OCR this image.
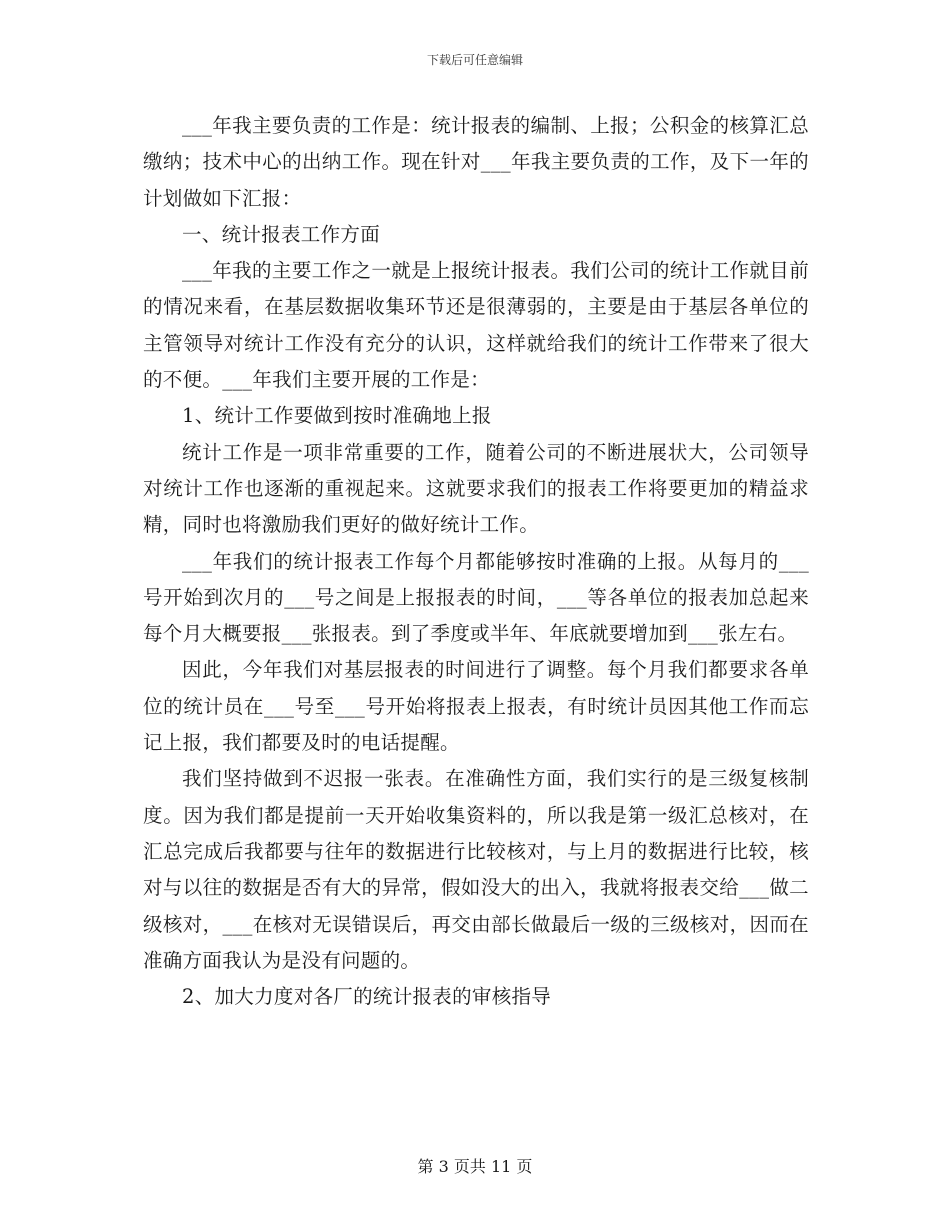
下载后可任意编辑

___年我主要负责的工作是：统计报表的编制、上报；公积金的核算汇总缴纳；技术中心的出纳工作。现在针对___年我主要负责的工作，及下一年的计划做如下汇报：

一、统计报表工作方面

___年我的主要工作之一就是上报统计报表。我们公司的统计工作就目前的情况来看，在基层数据收集环节还是很薄弱的，主要是由于基层各单位的主管领导对统计工作没有充分的认识，这样就给我们的统计工作带来了很大的不便。___年我们主要开展的工作是：

1、统计工作要做到按时准确地上报

统计工作是一项非常重要的工作，随着公司的不断进展状大，公司领导对统计工作也逐渐的重视起来。这就要求我们的报表工作将要更加的精益求精，同时也将激励我们更好的做好统计工作。

___年我们的统计报表工作每个月都能够按时准确的上报。从每月的___号开始到次月的___号之间是上报报表的时间，___等各单位的报表加总起来每个月大概要报___张报表。到了季度或半年、年底就要增加到___张左右。

因此，今年我们对基层报表的时间进行了调整。每个月我们都要求各单位的统计员在___号至___号开始将报表上报表，有时统计员因其他工作而忘记上报，我们都要及时的电话提醒。

我们坚持做到不迟报一张表。在准确性方面，我们实行的是三级复核制度。因为我们都是提前一天开始收集资料的，所以我是第一级汇总核对，在汇总完成后我都要与往年的数据进行比较核对，与上月的数据进行比较，核对与以往的数据是否有大的异常，假如没大的出入，我就将报表交给___做二级核对，___在核对无误错误后，再交由部长做最后一级的三级核对，因而在准确方面我认为是没有问题的。

2、加大力度对各厂的统计报表的审核指导

第 3 页共 11 页
